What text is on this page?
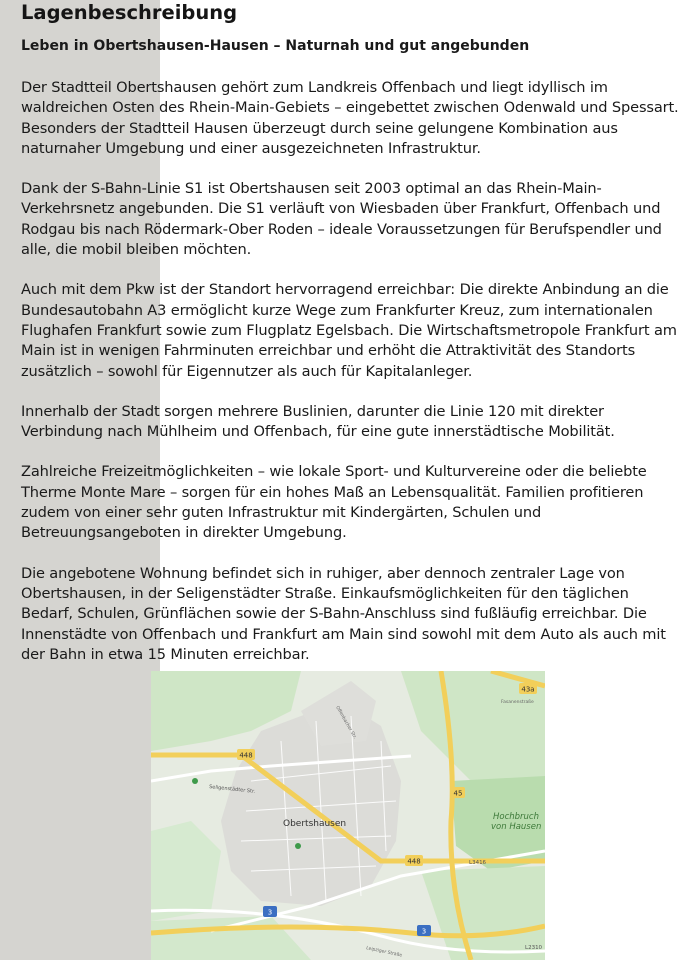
Lagenbeschreibung

Leben in Obertshausen-Hausen – Naturnah und gut angebunden

Der Stadtteil Obertshausen gehört zum Landkreis Offenbach und liegt idyllisch im waldreichen Osten des Rhein-Main-Gebiets – eingebettet zwischen Odenwald und Spessart. Besonders der Stadtteil Hausen überzeugt durch seine gelungene Kombination aus naturnaher Umgebung und einer ausgezeichneten Infrastruktur.

Dank der S-Bahn-Linie S1 ist Obertshausen seit 2003 optimal an das Rhein-Main-Verkehrsnetz angebunden. Die S1 verläuft von Wiesbaden über Frankfurt, Offenbach und Rodgau bis nach Rödermark-Ober Roden – ideale Voraussetzungen für Berufspendler und alle, die mobil bleiben möchten.

Auch mit dem Pkw ist der Standort hervorragend erreichbar: Die direkte Anbindung an die Bundesautobahn A3 ermöglicht kurze Wege zum Frankfurter Kreuz, zum internationalen Flughafen Frankfurt sowie zum Flugplatz Egelsbach. Die Wirtschaftsmetropole Frankfurt am Main ist in wenigen Fahrminuten erreichbar und erhöht die Attraktivität des Standorts zusätzlich – sowohl für Eigennutzer als auch für Kapitalanleger.

Innerhalb der Stadt sorgen mehrere Buslinien, darunter die Linie 120 mit direkter Verbindung nach Mühlheim und Offenbach, für eine gute innerstädtische Mobilität.

Zahlreiche Freizeitmöglichkeiten – wie lokale Sport- und Kulturvereine oder die beliebte Therme Monte Mare – sorgen für ein hohes Maß an Lebensqualität. Familien profitieren zudem von einer sehr guten Infrastruktur mit Kindergärten, Schulen und Betreuungsangeboten in direkter Umgebung.

Die angebotene Wohnung befindet sich in ruhiger, aber dennoch zentraler Lage von Obertshausen, in der Seligenstädter Straße. Einkaufsmöglichkeiten für den täglichen Bedarf, Schulen, Grünflächen sowie der S-Bahn-Anschluss sind fußläufig erreichbar. Die Innenstädte von Offenbach und Frankfurt am Main sind sowohl mit dem Auto als auch mit der Bahn in etwa 15 Minuten erreichbar.

448
448
45
43a
3
3
L3416
L2310
Obertshausen
Hochbruch
von Hausen
Seligenstädter Str.
Offenbacher Str.
Fasanenstraße
Leipziger Straße
